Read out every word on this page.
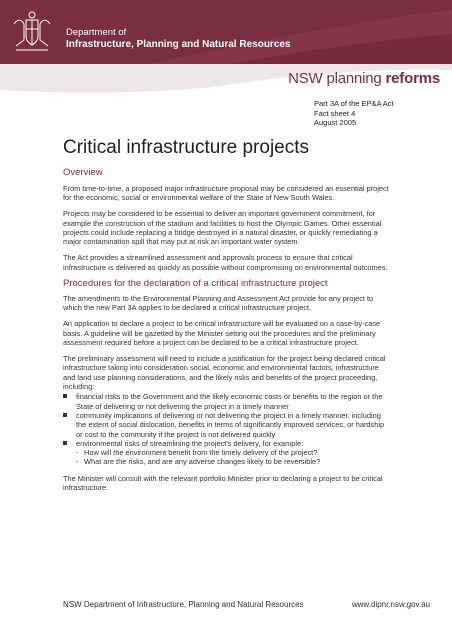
Department of
Infrastructure, Planning and Natural Resources
NSW planning reforms
Part 3A of the EP&A Act
Fact sheet 4
August 2005
Critical infrastructure projects
Overview

From time-to-time, a proposed major infrastructure proposal may be considered an essential project for the economic, social or environmental welfare of the State of New South Wales.

Projects may be considered to be essential to deliver an important government commitment, for example the construction of the stadium and facilities to host the Olympic Games. Other essential projects could include replacing a bridge destroyed in a natural disaster, or quickly remediating a major contamination spill that may put at risk an important water system.

The Act provides a streamlined assessment and approvals process to ensure that critical infrastructure is delivered as quickly as possible without compromising on environmental outcomes.

Procedures for the declaration of a critical infrastructure project

The amendments to the Environmental Planning and Assessment Act provide for any project to which the new Part 3A applies to be declared a critical infrastructure project.

An application to declare a project to be critical infrastructure will be evaluated on a case-by-case basis. A guideline will be gazetted by the Minister setting out the procedures and the preliminary assessment required before a project can be declared to be a critical infrastructure project.

The preliminary assessment will need to include a justification for the project being declared critical infrastructure taking into consideration social, economic and environmental factors, infrastructure and land use planning considerations, and the likely risks and benefits of the project proceeding, including:

financial risks to the Government and the likely economic costs or benefits to the region or the State of delivering or not delivering the project in a timely manner
community implications of delivering or not delivering the project in a timely manner, including the extent of social dislocation, benefits in terms of significantly improved services, or hardship or cost to the community if the project is not delivered quickly
environmental risks of streamlining the project's delivery, for example:
- How will the environment benefit from the timely delivery of the project?
- What are the risks, and are any adverse changes likely to be reversible?

The Minister will consult with the relevant portfolio Minister prior to declaring a project to be critical infrastructure.

NSW Department of Infrastructure, Planning and Natural Resources	www.dipnr.nsw.gov.au
